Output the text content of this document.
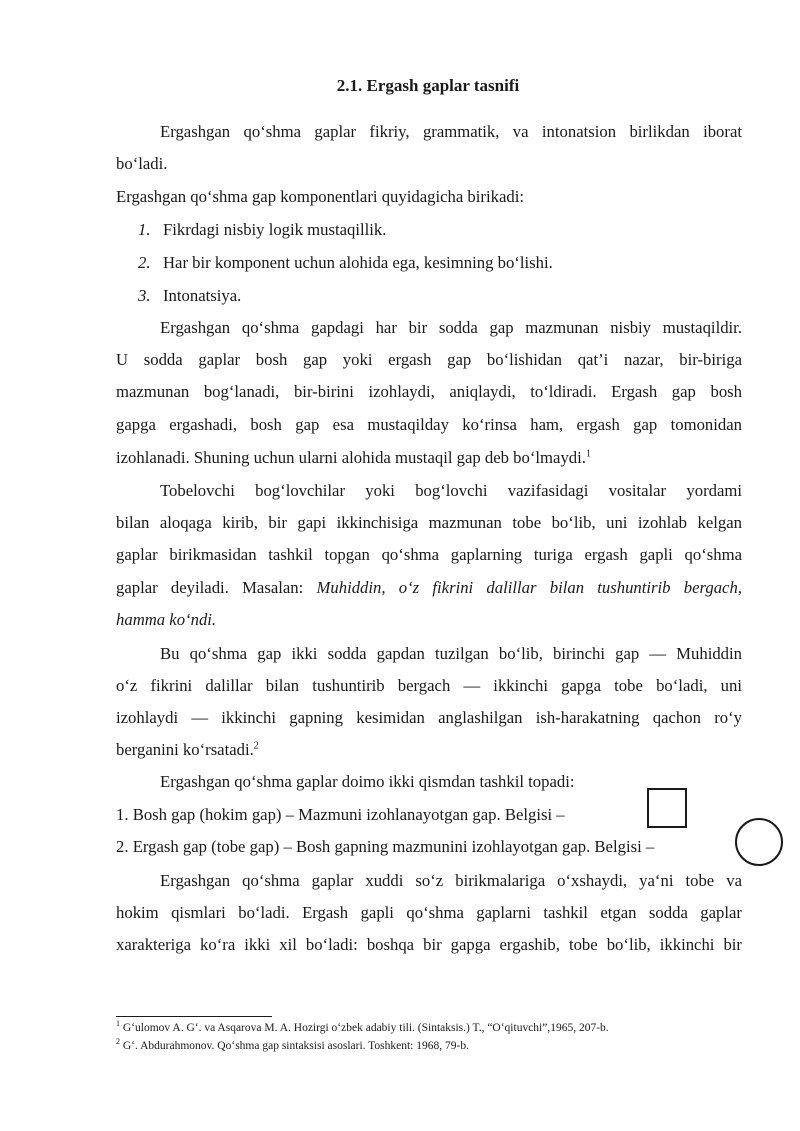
2.1. Ergash gaplar tasnifi

Ergashgan qo‘shma gaplar fikriy, grammatik, va intonatsion birlikdan iborat

bo‘ladi.

Ergashgan qo‘shma gap komponentlari quyidagicha birikadi:

1. Fikrdagi nisbiy logik mustaqillik.

2. Har bir komponent uchun alohida ega, kesimning bo‘lishi.

3. Intonatsiya.

Ergashgan qo‘shma gapdagi har bir sodda gap mazmunan nisbiy mustaqildir.

U sodda gaplar bosh gap yoki ergash gap bo‘lishidan qat’i nazar, bir-biriga

mazmunan bog‘lanadi, bir-birini izohlaydi, aniqlaydi, to‘ldiradi. Ergash gap bosh

gapga ergashadi, bosh gap esa mustaqilday ko‘rinsa ham, ergash gap tomonidan

izohlanadi. Shuning uchun ularni alohida mustaqil gap deb bo‘lmaydi.$^1$

Tobelovchi bog‘lovchilar yoki bog‘lovchi vazifasidagi vositalar yordami

bilan aloqaga kirib, bir gapi ikkinchisiga mazmunan tobe bo‘lib, uni izohlab kelgan

gaplar birikmasidan tashkil topgan qo‘shma gaplarning turiga ergash gapli qo‘shma

gaplar deyiladi. Masalan: Muhiddin, o‘z fikrini dalillar bilan tushuntirib bergach,

hamma ko‘ndi.

Bu qo‘shma gap ikki sodda gapdan tuzilgan bo‘lib, birinchi gap — Muhiddin

o‘z fikrini dalillar bilan tushuntirib bergach — ikkinchi gapga tobe bo‘ladi, uni

izohlaydi — ikkinchi gapning kesimidan anglashilgan ish-harakatning qachon ro‘y

berganini ko‘rsatadi.$^2$

Ergashgan qo‘shma gaplar doimo ikki qismdan tashkil topadi:

1. Bosh gap (hokim gap) – Mazmuni izohlanayotgan gap. Belgisi –

2. Ergash gap (tobe gap) – Bosh gapning mazmunini izohlayotgan gap. Belgisi –

Ergashgan qo‘shma gaplar xuddi so‘z birikmalariga o‘xshaydi, ya‘ni tobe va

hokim qismlari bo‘ladi. Ergash gapli qo‘shma gaplarni tashkil etgan sodda gaplar

xarakteriga ko‘ra ikki xil bo‘ladi: boshqa bir gapga ergashib, tobe bo‘lib, ikkinchi bir

$^1$ G‘ulomov A. G‘. va Asqarova M. A. Hozirgi o‘zbek adabiy tili. (Sintaksis.) T., “O‘qituvchi”,1965, 207-b.
$^2$ G‘. Abdurahmonov. Qo‘shma gap sintaksisi asoslari. Toshkent: 1968, 79-b.
